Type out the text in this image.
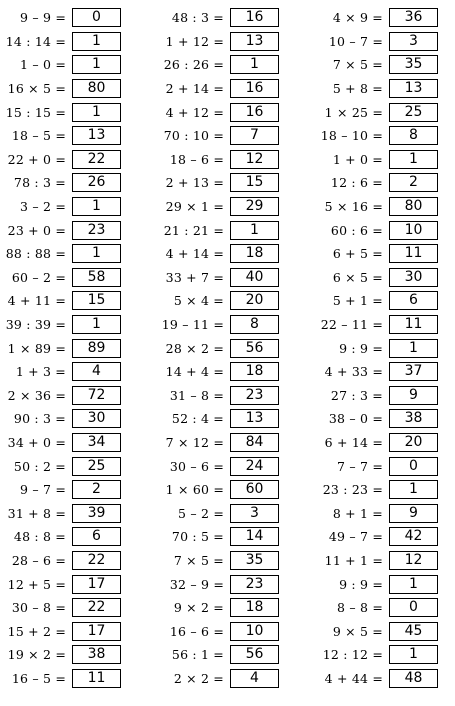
9 – 9 =	0
14 : 14 =	1
1 – 0 =	1
16 × 5 =	80
15 : 15 =	1
18 – 5 =	13
22 + 0 =	22
78 : 3 =	26
3 – 2 =	1
23 + 0 =	23
88 : 88 =	1
60 – 2 =	58
4 + 11 =	15
39 : 39 =	1
1 × 89 =	89
1 + 3 =	4
2 × 36 =	72
90 : 3 =	30
34 + 0 =	34
50 : 2 =	25
9 – 7 =	2
31 + 8 =	39
48 : 8 =	6
28 – 6 =	22
12 + 5 =	17
30 – 8 =	22
15 + 2 =	17
19 × 2 =	38
16 – 5 =	11
48 : 3 =	16
1 + 12 =	13
26 : 26 =	1
2 + 14 =	16
4 + 12 =	16
70 : 10 =	7
18 – 6 =	12
2 + 13 =	15
29 × 1 =	29
21 : 21 =	1
4 + 14 =	18
33 + 7 =	40
5 × 4 =	20
19 – 11 =	8
28 × 2 =	56
14 + 4 =	18
31 – 8 =	23
52 : 4 =	13
7 × 12 =	84
30 – 6 =	24
1 × 60 =	60
5 – 2 =	3
70 : 5 =	14
7 × 5 =	35
32 – 9 =	23
9 × 2 =	18
16 – 6 =	10
56 : 1 =	56
2 × 2 =	4
4 × 9 =	36
10 – 7 =	3
7 × 5 =	35
5 + 8 =	13
1 × 25 =	25
18 – 10 =	8
1 + 0 =	1
12 : 6 =	2
5 × 16 =	80
60 : 6 =	10
6 + 5 =	11
6 × 5 =	30
5 + 1 =	6
22 – 11 =	11
9 : 9 =	1
4 + 33 =	37
27 : 3 =	9
38 – 0 =	38
6 + 14 =	20
7 – 7 =	0
23 : 23 =	1
8 + 1 =	9
49 – 7 =	42
11 + 1 =	12
9 : 9 =	1
8 – 8 =	0
9 × 5 =	45
12 : 12 =	1
4 + 44 =	48
